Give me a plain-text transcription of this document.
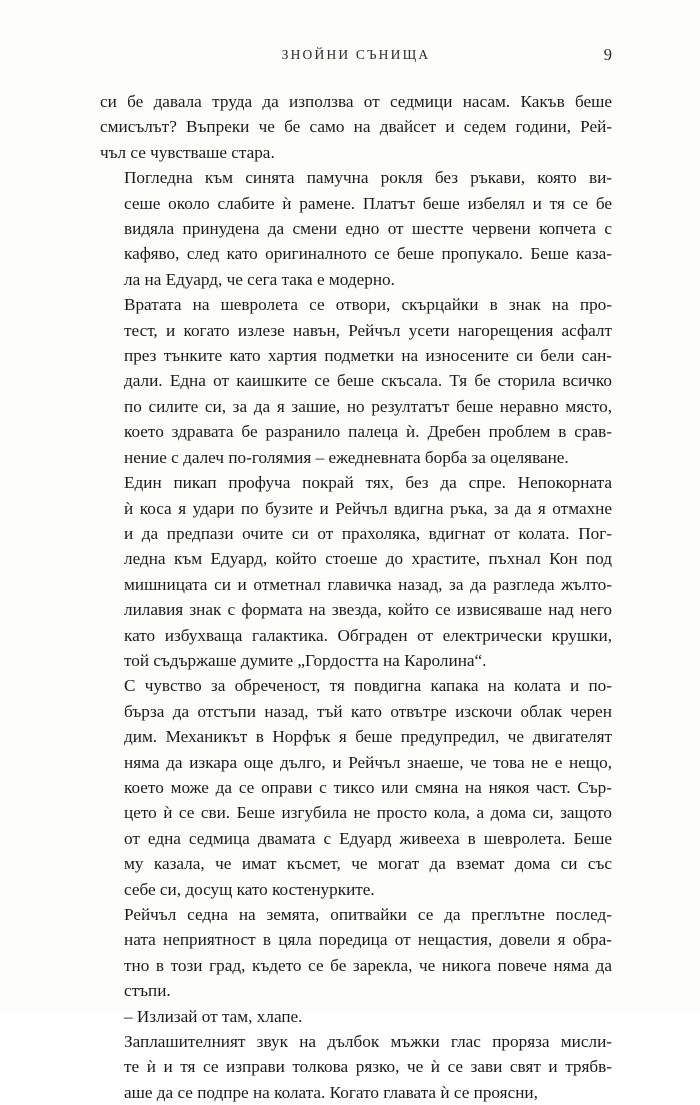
ЗНОЙНИ СЪНИЩА	9

си бе давала труда да използва от седмици насам. Какъв беше
смисълът? Въпреки че бе само на двайсет и седем години, Рей-
чъл се чувстваше стара.

Погледна към синята памучна рокля без ръкави, която ви-
сеше около слабите ѝ рамене. Платът беше избелял и тя се бе
видяла принудена да смени едно от шестте червени копчета с
кафяво, след като оригиналното се беше пропукало. Беше каза-
ла на Едуард, че сега така е модерно.

Вратата на шевролета се отвори, скърцайки в знак на про-
тест, и когато излезе навън, Рейчъл усети нагорещения асфалт
през тънките като хартия подметки на износените си бели сан-
дали. Една от каишките се беше скъсала. Тя бе сторила всичко
по силите си, за да я зашие, но резултатът беше неравно място,
което здравата бе разранило палеца ѝ. Дребен проблем в срав-
нение с далеч по-голямия – ежедневната борба за оцеляване.

Един пикап профуча покрай тях, без да спре. Непокорната
ѝ коса я удари по бузите и Рейчъл вдигна ръка, за да я отмахне
и да предпази очите си от прахоляка, вдигнат от колата. Пог-
ледна към Едуард, който стоеше до храстите, пъхнал Кон под
мишницата си и отметнал главичка назад, за да разгледа жълто-
лилавия знак с формата на звезда, който се извисяваше над него
като избухваща галактика. Обграден от електрически крушки,
той съдържаше думите „Гордостта на Каролина“.

С чувство за обреченост, тя повдигна капака на колата и по-
бърза да отстъпи назад, тъй като отвътре изскочи облак черен
дим. Механикът в Норфък я беше предупредил, че двигателят
няма да изкара още дълго, и Рейчъл знаеше, че това не е нещо,
което може да се оправи с тиксо или смяна на някоя част. Сър-
цето ѝ се сви. Беше изгубила не просто кола, а дома си, защото
от една седмица двамата с Едуард живееха в шевролета. Беше
му казала, че имат късмет, че могат да вземат дома си със
себе си, досущ като костенурките.

Рейчъл седна на земята, опитвайки се да преглътне послед-
ната неприятност в цяла поредица от нещастия, довели я обра-
тно в този град, където се бе зарекла, че никога повече няма да
стъпи.

– Излизай от там, хлапе.

Заплашителният звук на дълбок мъжки глас прорязa мисли-
те ѝ и тя се изправи толкова рязко, че ѝ се зави свят и трябв-
аше да се подпре на колата. Когато главата ѝ се проясни,
